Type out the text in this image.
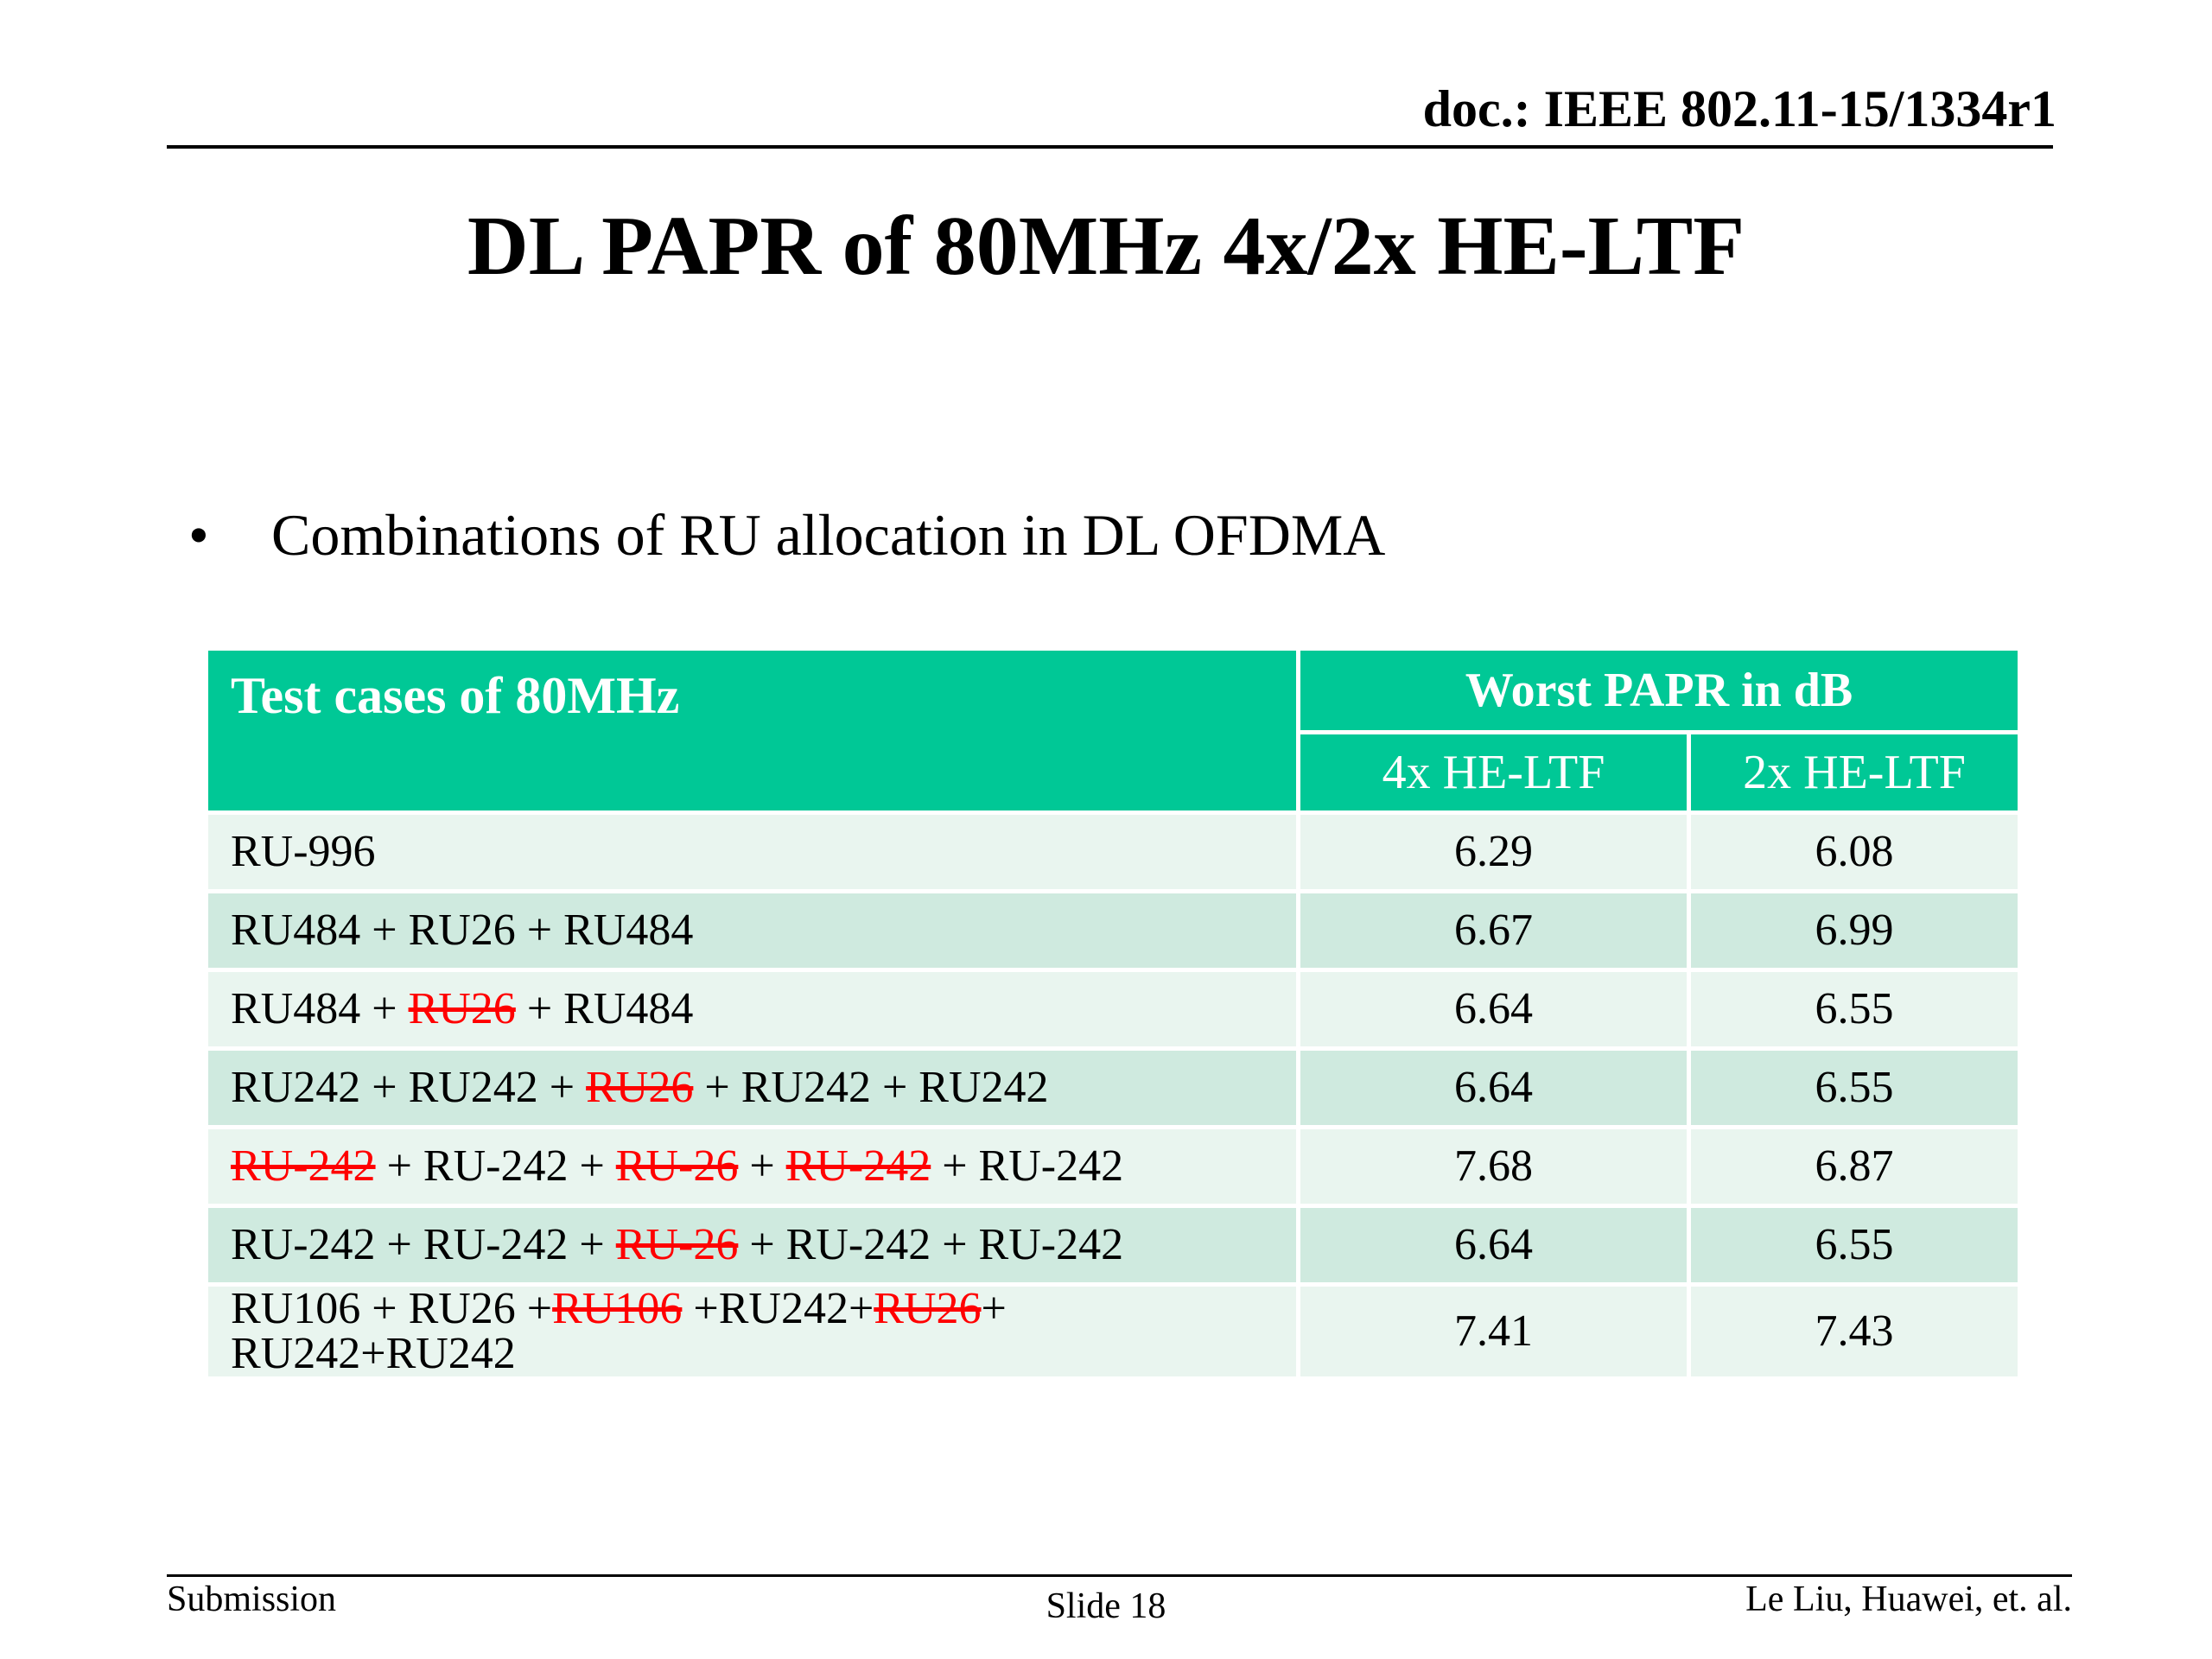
doc.: IEEE 802.11-15/1334r1
DL PAPR of 80MHz 4x/2x HE-LTF
• Combinations of RU allocation in DL OFDMA
Test cases of 80MHz	Worst PAPR in dB	
	4x HE-LTF	2x HE-LTF
RU-996	6.29	6.08
RU484 + RU26 + RU484	6.67	6.99
RU484 + RU26 + RU484	6.64	6.55
RU242 + RU242 + RU26 + RU242 + RU242	6.64	6.55
RU-242 + RU-242 + RU-26 + RU-242 + RU-242	7.68	6.87
RU-242 + RU-242 + RU-26 + RU-242 + RU-242	6.64	6.55
RU106 + RU26 +RU106 +RU242+RU26+ RU242+RU242	7.41	7.43
Submission	Slide 18	Le Liu, Huawei, et. al.
